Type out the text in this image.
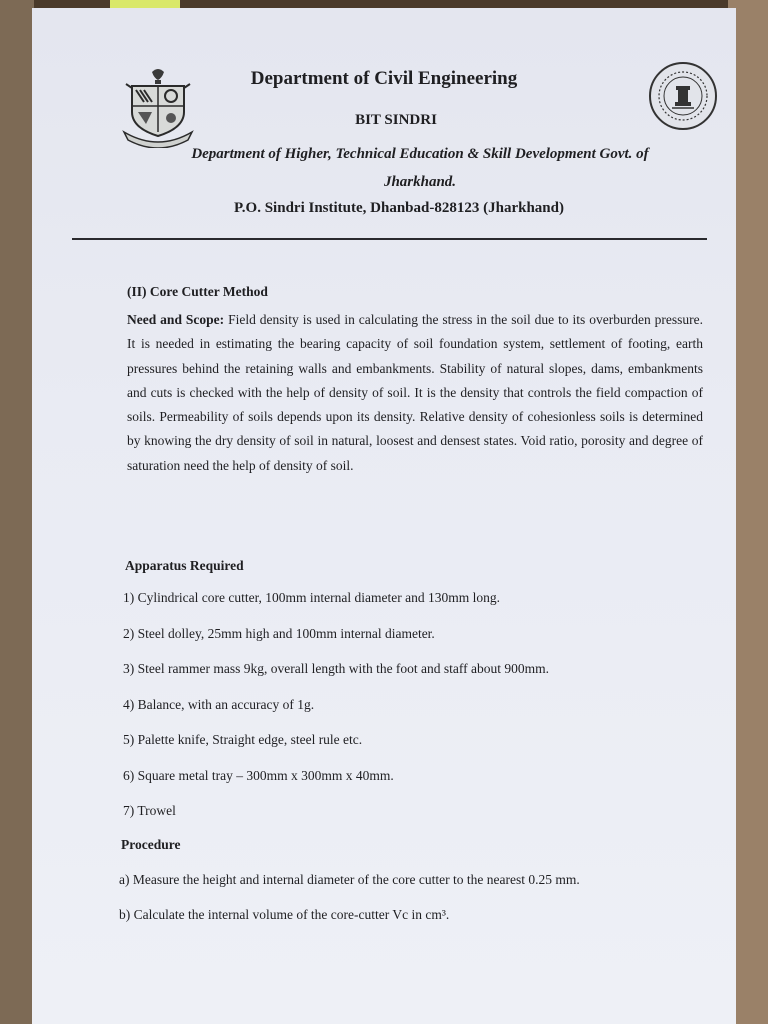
Department of Civil Engineering
BIT SINDRI
Department of Higher, Technical Education & Skill Development Govt. of Jharkhand.
P.O. Sindri Institute, Dhanbad-828123 (Jharkhand)
(II) Core Cutter Method
Need and Scope: Field density is used in calculating the stress in the soil due to its overburden pressure. It is needed in estimating the bearing capacity of soil foundation system, settlement of footing, earth pressures behind the retaining walls and embankments. Stability of natural slopes, dams, embankments and cuts is checked with the help of density of soil. It is the density that controls the field compaction of soils. Permeability of soils depends upon its density. Relative density of cohesionless soils is determined by knowing the dry density of soil in natural, loosest and densest states. Void ratio, porosity and degree of saturation need the help of density of soil.
Apparatus Required
1) Cylindrical core cutter, 100mm internal diameter and 130mm long.
2) Steel dolley, 25mm high and 100mm internal diameter.
3) Steel rammer mass 9kg, overall length with the foot and staff about 900mm.
4) Balance, with an accuracy of 1g.
5) Palette knife, Straight edge, steel rule etc.
6) Square metal tray – 300mm x 300mm x 40mm.
7) Trowel
Procedure
a) Measure the height and internal diameter of the core cutter to the nearest 0.25 mm.
b) Calculate the internal volume of the core-cutter Vc in cm³.
